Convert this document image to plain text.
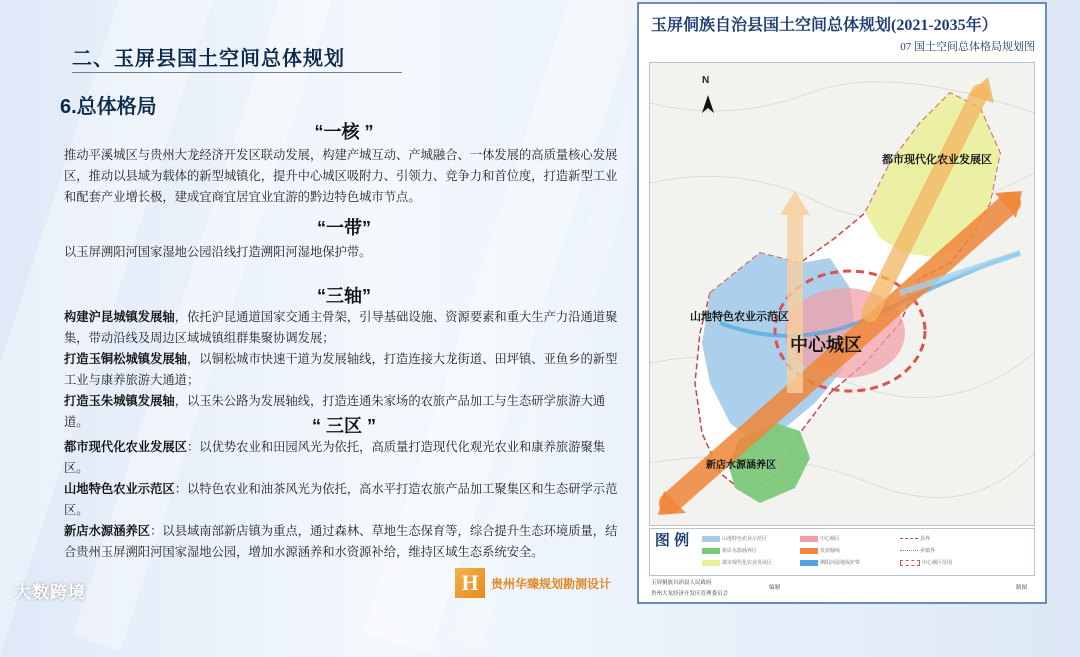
二、玉屏县国土空间总体规划
6.总体格局
“一核 ”
推动平溪城区与贵州大龙经济开发区联动发展，构建产城互动、产城融合、一体发展的高质量核心发展区，推动以县域为载体的新型城镇化，提升中心城区吸附力、引领力、竞争力和首位度，打造新型工业和配套产业增长极，建成宜商宜居宜业宜游的黔边特色城市节点。
“一带”
以玉屏溯阳河国家湿地公园沿线打造溯阳河湿地保护带。
“三轴”
构建沪昆城镇发展轴，依托沪昆通道国家交通主骨架，引导基础设施、资源要素和重大生产力沿通道聚集，带动沿线及周边区域城镇组群集聚协调发展；
打造玉铜松城镇发展轴，以铜松城市快速干道为发展轴线，打造连接大龙街道、田坪镇、亚鱼乡的新型工业与康养旅游大通道；
打造玉朱城镇发展轴，以玉朱公路为发展轴线，打造连通朱家场的农旅产品加工与生态研学旅游大通道。	“ 三区 ”
都市现代化农业发展区：以优势农业和田园风光为依托，高质量打造现代化观光农业和康养旅游聚集区。
山地特色农业示范区：以特色农业和油茶风光为依托，高水平打造农旅产品加工聚集区和生态研学示范区。
新店水源涵养区：以县域南部新店镇为重点，通过森林、草地生态保育等，综合提升生态环境质量，结合贵州玉屏溯阳河国家湿地公园，增加水源涵养和水资源补给，维持区域生态系统安全。
玉屏侗族自治县国土空间总体规划(2021-2035年）
07 国土空间总体格局规划图
N
都市现代化农业发展区
山地特色农业示范区
中心城区
新店水源涵养区
图 例	山地特色农业示范区
新店水源涵养区
都市现代化农业发展区
中心城区
发展轴线
溯阳河湿地保护带
县界
乡镇界
中心城区范围
玉屏侗族自治县人民政府
贵州大龙经济开发区管理委员会
编制	制图
大数跨境	H	贵州华臻规划勘测设计
